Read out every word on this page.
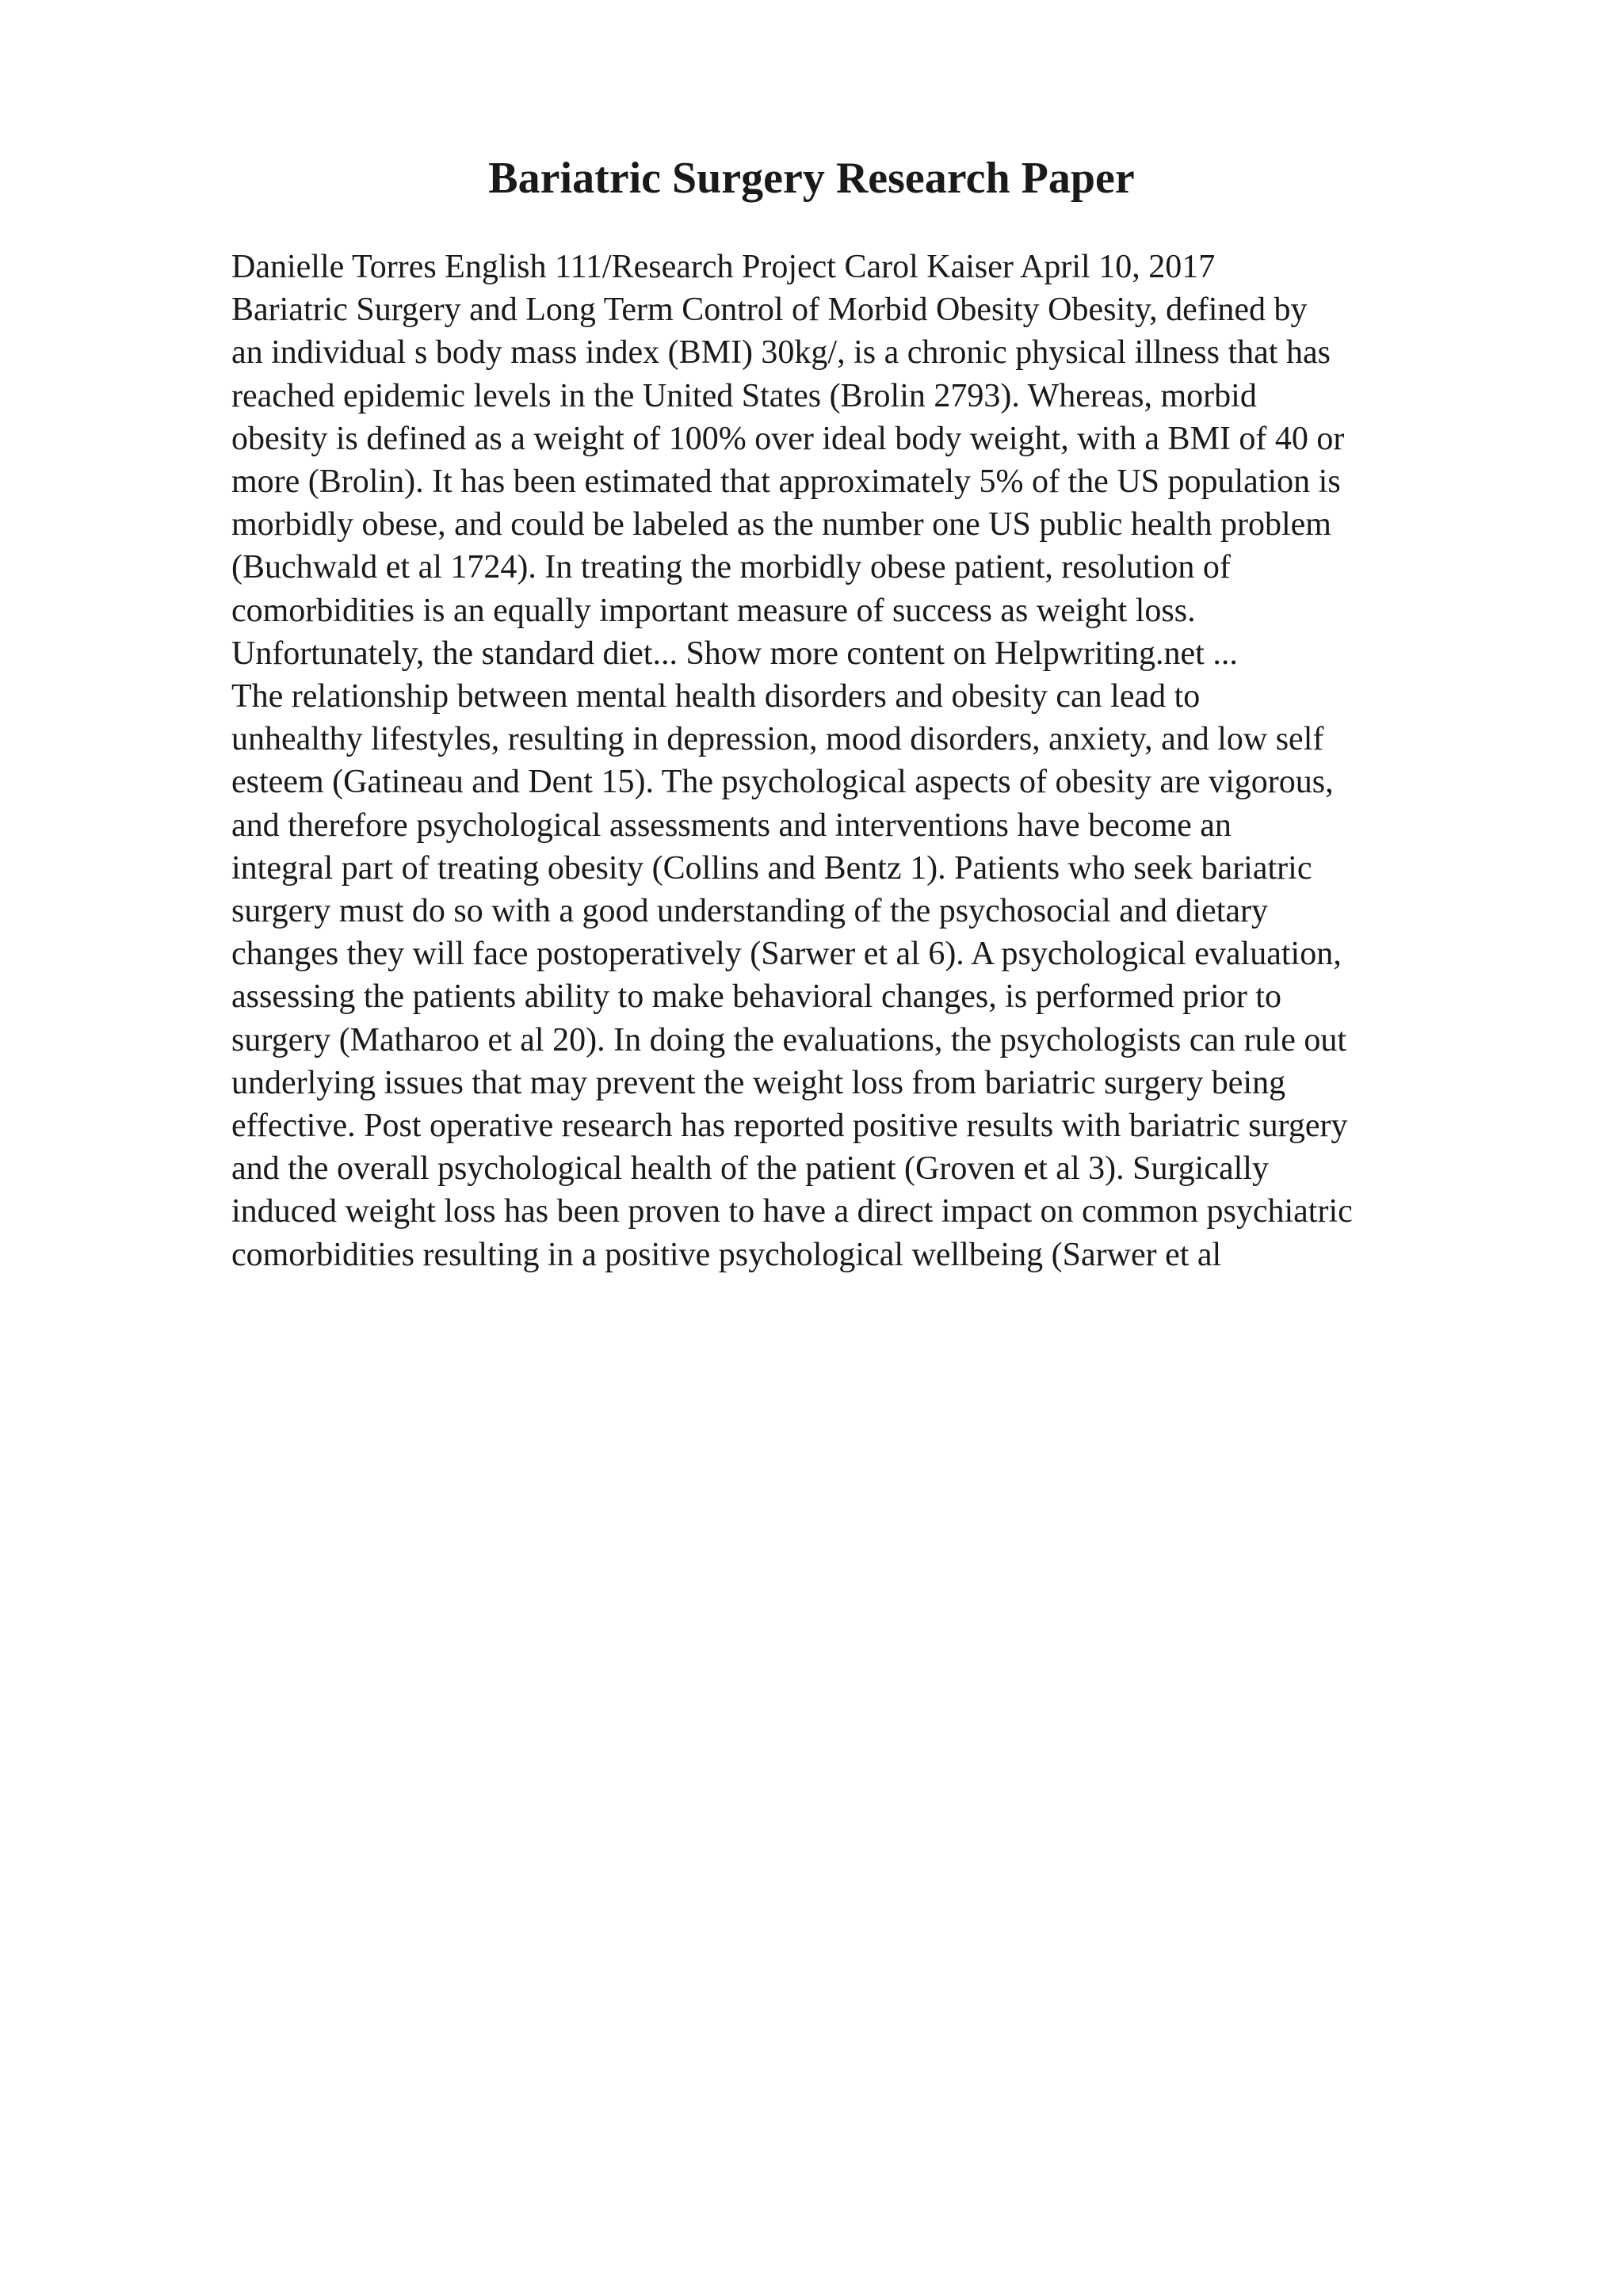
Bariatric Surgery Research Paper
Danielle Torres English 111/Research Project Carol Kaiser April 10, 2017
Bariatric Surgery and Long Term Control of Morbid Obesity Obesity, defined by
an individual s body mass index (BMI) 30kg/, is a chronic physical illness that has
reached epidemic levels in the United States (Brolin 2793). Whereas, morbid
obesity is defined as a weight of 100% over ideal body weight, with a BMI of 40 or
more (Brolin). It has been estimated that approximately 5% of the US population is
morbidly obese, and could be labeled as the number one US public health problem
(Buchwald et al 1724). In treating the morbidly obese patient, resolution of
comorbidities is an equally important measure of success as weight loss.
Unfortunately, the standard diet... Show more content on Helpwriting.net ...
The relationship between mental health disorders and obesity can lead to
unhealthy lifestyles, resulting in depression, mood disorders, anxiety, and low self
esteem (Gatineau and Dent 15). The psychological aspects of obesity are vigorous,
and therefore psychological assessments and interventions have become an
integral part of treating obesity (Collins and Bentz 1). Patients who seek bariatric
surgery must do so with a good understanding of the psychosocial and dietary
changes they will face postoperatively (Sarwer et al 6). A psychological evaluation,
assessing the patients ability to make behavioral changes, is performed prior to
surgery (Matharoo et al 20). In doing the evaluations, the psychologists can rule out
underlying issues that may prevent the weight loss from bariatric surgery being
effective. Post operative research has reported positive results with bariatric surgery
and the overall psychological health of the patient (Groven et al 3). Surgically
induced weight loss has been proven to have a direct impact on common psychiatric
comorbidities resulting in a positive psychological wellbeing (Sarwer et al
